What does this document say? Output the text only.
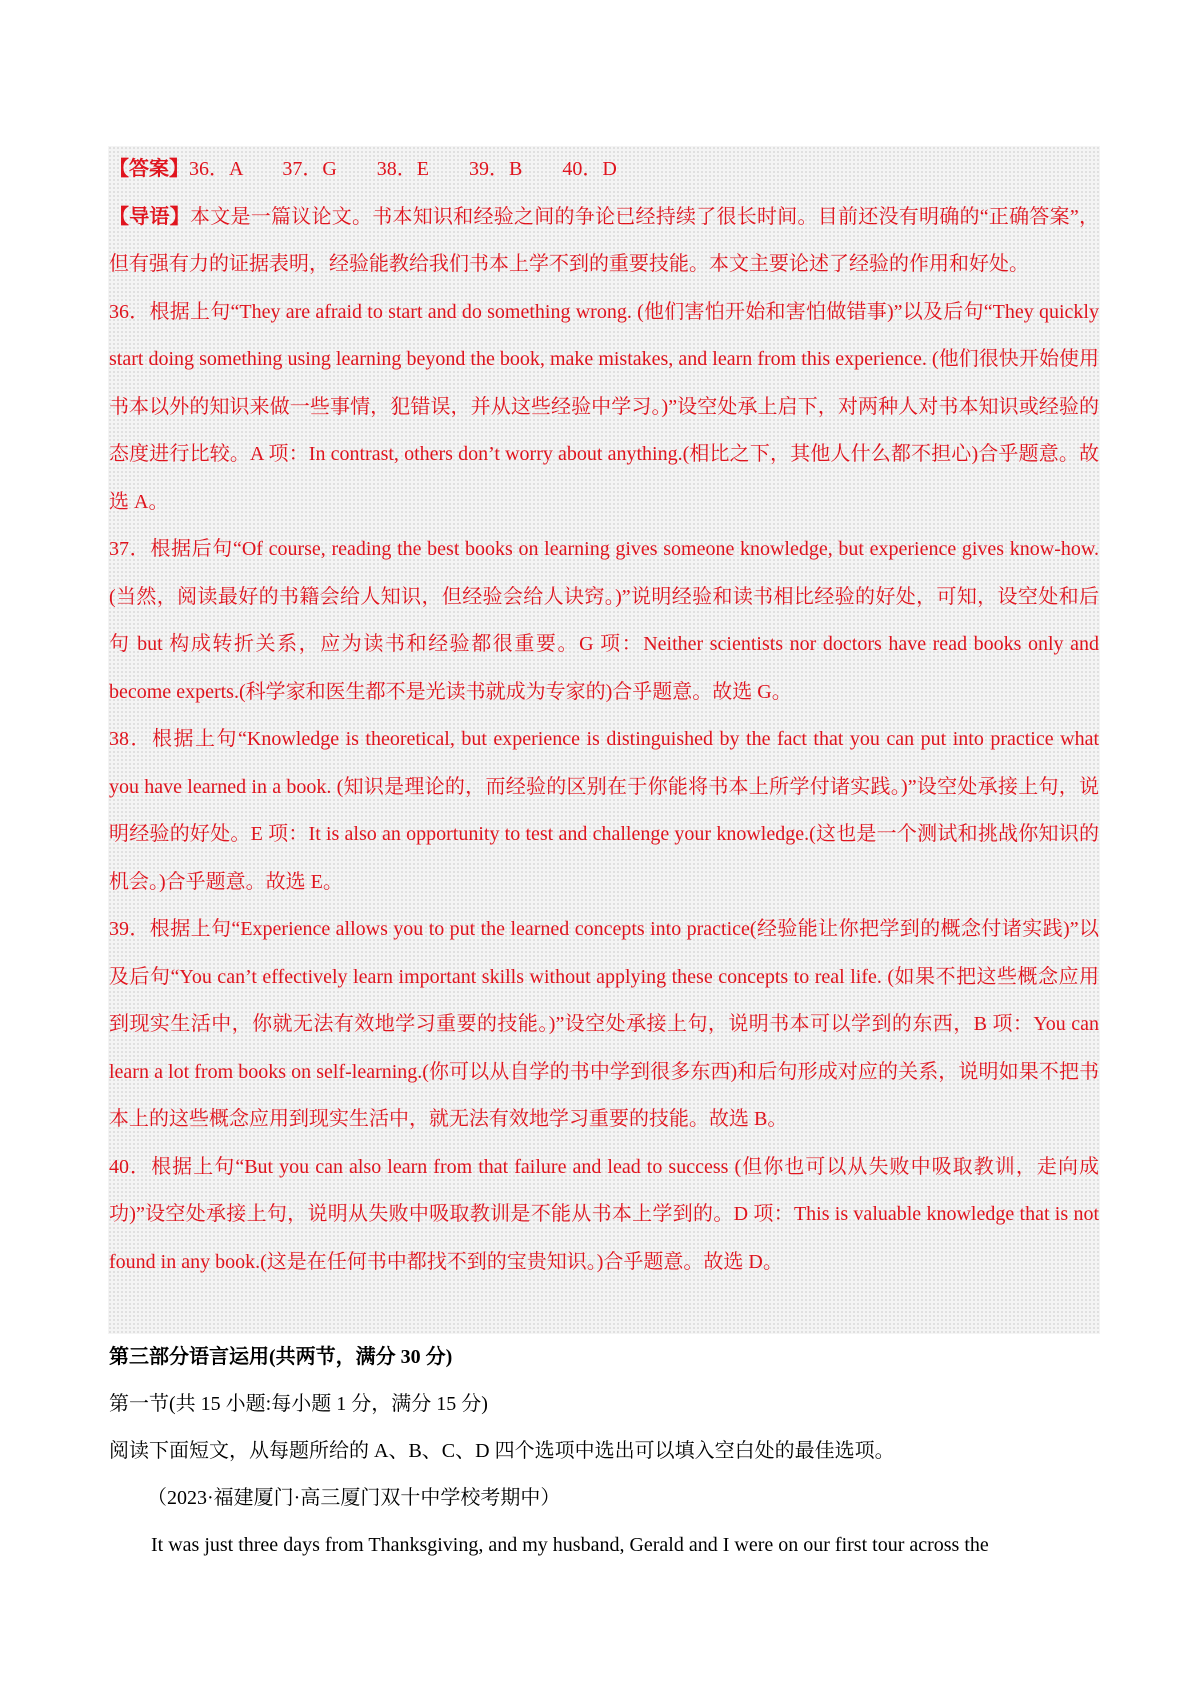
【答案】36．A　　37．G　　38．E　　39．B　　40．D

【导语】本文是一篇议论文。书本知识和经验之间的争论已经持续了很长时间。目前还没有明确的“正确答案”，但有强有力的证据表明，经验能教给我们书本上学不到的重要技能。本文主要论述了经验的作用和好处。

36．根据上句“They are afraid to start and do something wrong. (他们害怕开始和害怕做错事)”以及后句“They quickly start doing something using learning beyond the book, make mistakes, and learn from this experience. (他们很快开始使用书本以外的知识来做一些事情，犯错误，并从这些经验中学习。)”设空处承上启下，对两种人对书本知识或经验的态度进行比较。A 项：In contrast, others don’t worry about anything.(相比之下，其他人什么都不担心)合乎题意。故选 A。

37．根据后句“Of course, reading the best books on learning gives someone knowledge, but experience gives know-how. (当然，阅读最好的书籍会给人知识，但经验会给人诀窍。)”说明经验和读书相比经验的好处，可知，设空处和后句 but 构成转折关系，应为读书和经验都很重要。G 项：Neither scientists nor doctors have read books only and become experts.(科学家和医生都不是光读书就成为专家的)合乎题意。故选 G。

38．根据上句“Knowledge is theoretical, but experience is distinguished by the fact that you can put into practice what you have learned in a book. (知识是理论的，而经验的区别在于你能将书本上所学付诸实践。)”设空处承接上句，说明经验的好处。E 项：It is also an opportunity to test and challenge your knowledge.(这也是一个测试和挑战你知识的机会。)合乎题意。故选 E。

39．根据上句“Experience allows you to put the learned concepts into practice(经验能让你把学到的概念付诸实践)”以及后句“You can’t effectively learn important skills without applying these concepts to real life. (如果不把这些概念应用到现实生活中，你就无法有效地学习重要的技能。)”设空处承接上句，说明书本可以学到的东西，B 项：You can learn a lot from books on self-learning.(你可以从自学的书中学到很多东西)和后句形成对应的关系，说明如果不把书本上的这些概念应用到现实生活中，就无法有效地学习重要的技能。故选 B。

40．根据上句“But you can also learn from that failure and lead to success (但你也可以从失败中吸取教训，走向成功)”设空处承接上句，说明从失败中吸取教训是不能从书本上学到的。D 项：This is valuable knowledge that is not found in any book.(这是在任何书中都找不到的宝贵知识。)合乎题意。故选 D。

第三部分语言运用(共两节，满分 30 分)

第一节(共 15 小题:每小题 1 分，满分 15 分)

阅读下面短文，从每题所给的 A、B、C、D 四个选项中选出可以填入空白处的最佳选项。

（2023·福建厦门·高三厦门双十中学校考期中）

It was just three days from Thanksgiving, and my husband, Gerald and I were on our first tour across the
